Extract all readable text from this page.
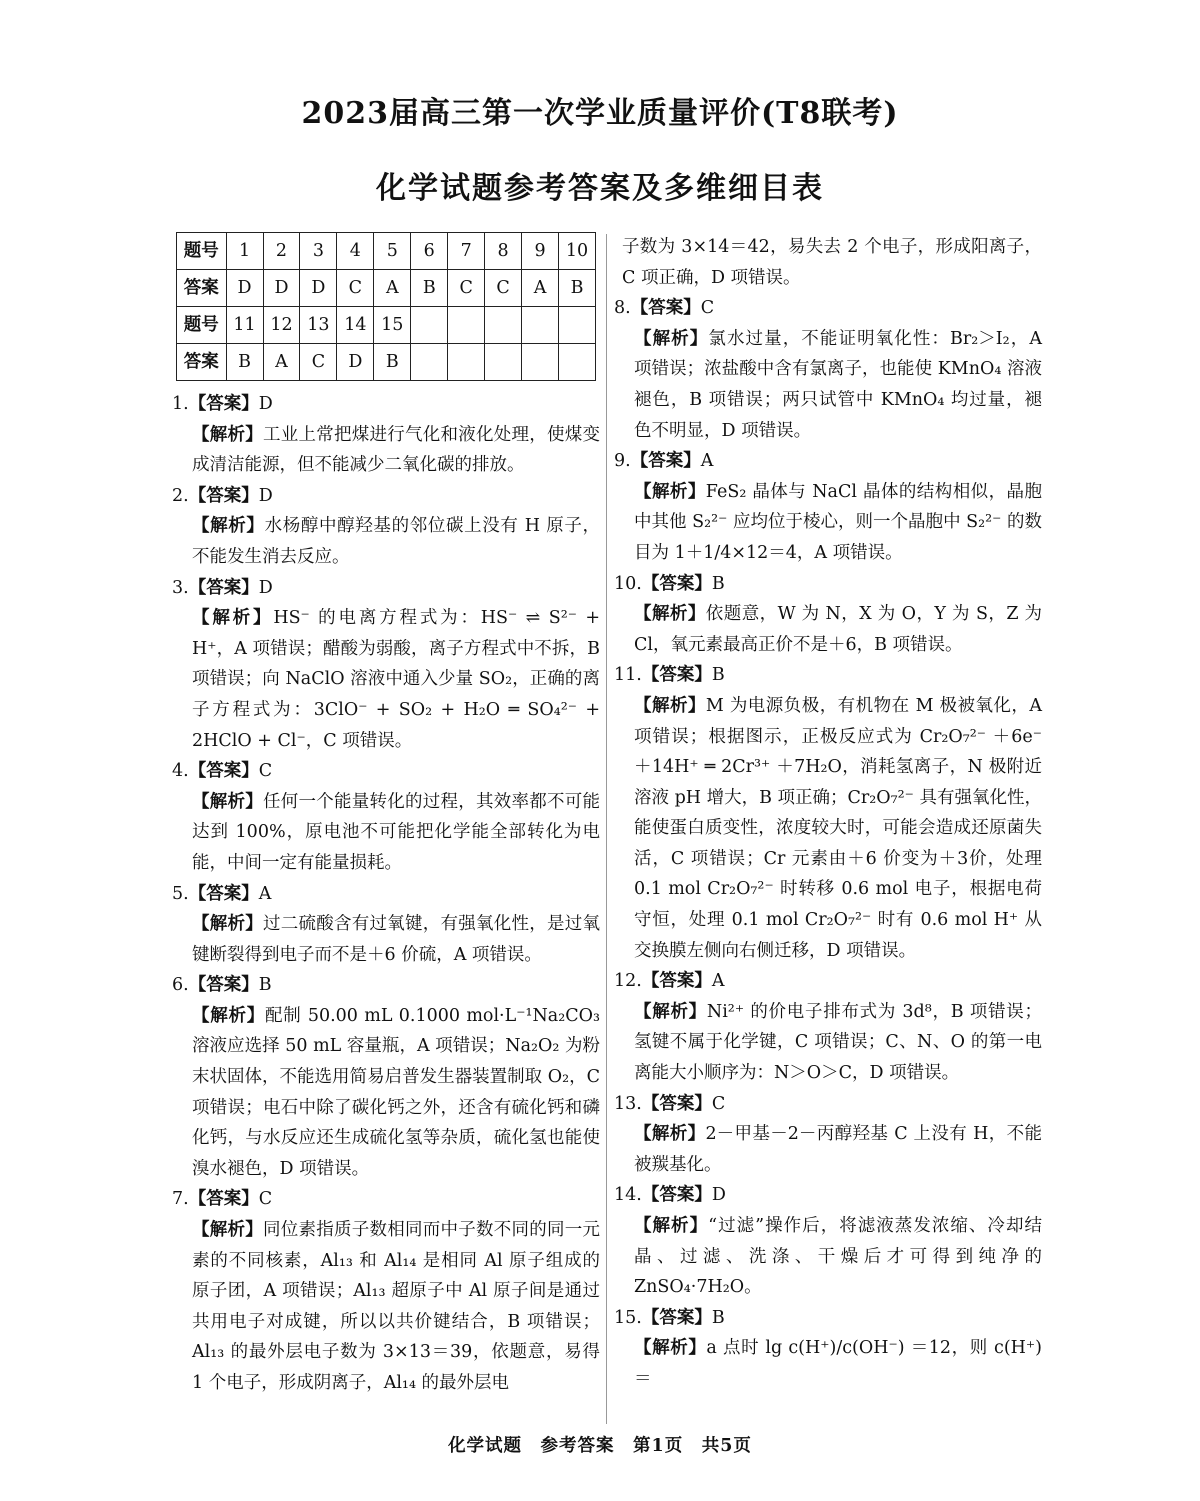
2023届高三第一次学业质量评价(T8联考)
化学试题参考答案及多维细目表
题号	1	2	3	4	5	6	7	8	9	10
答案	D	D	D	C	A	B	C	C	A	B
题号	11	12	13	14	15					
答案	B	A	C	D	B					
1.【答案】D
【解析】工业上常把煤进行气化和液化处理，使煤变成清洁能源，但不能减少二氧化碳的排放。
2.【答案】D
【解析】水杨醇中醇羟基的邻位碳上没有 H 原子，不能发生消去反应。
3.【答案】D
【解析】HS⁻ 的电离方程式为：HS⁻ ⇌ S²⁻ + H⁺，A 项错误；醋酸为弱酸，离子方程式中不拆，B 项错误；向 NaClO 溶液中通入少量 SO₂，正确的离子方程式为：3ClO⁻ + SO₂ + H₂O ═ SO₄²⁻ + 2HClO + Cl⁻，C 项错误。
4.【答案】C
【解析】任何一个能量转化的过程，其效率都不可能达到 100%，原电池不可能把化学能全部转化为电能，中间一定有能量损耗。
5.【答案】A
【解析】过二硫酸含有过氧键，有强氧化性，是过氧键断裂得到电子而不是＋6 价硫，A 项错误。
6.【答案】B
【解析】配制 50.00 mL 0.1000 mol·L⁻¹Na₂CO₃ 溶液应选择 50 mL 容量瓶，A 项错误；Na₂O₂ 为粉末状固体，不能选用简易启普发生器装置制取 O₂，C 项错误；电石中除了碳化钙之外，还含有硫化钙和磷化钙，与水反应还生成硫化氢等杂质，硫化氢也能使溴水褪色，D 项错误。
7.【答案】C
【解析】同位素指质子数相同而中子数不同的同一元素的不同核素，Al₁₃ 和 Al₁₄ 是相同 Al 原子组成的原子团，A 项错误；Al₁₃ 超原子中 Al 原子间是通过共用电子对成键，所以以共价键结合，B 项错误；Al₁₃ 的最外层电子数为 3×13＝39，依题意，易得 1 个电子，形成阴离子，Al₁₄ 的最外层电
子数为 3×14＝42，易失去 2 个电子，形成阳离子，C 项正确，D 项错误。
8.【答案】C
【解析】氯水过量，不能证明氧化性：Br₂＞I₂，A 项错误；浓盐酸中含有氯离子，也能使 KMnO₄ 溶液褪色，B 项错误；两只试管中 KMnO₄ 均过量，褪色不明显，D 项错误。
9.【答案】A
【解析】FeS₂ 晶体与 NaCl 晶体的结构相似，晶胞中其他 S₂²⁻ 应均位于棱心，则一个晶胞中 S₂²⁻ 的数目为 1＋1/4×12＝4，A 项错误。
10.【答案】B
【解析】依题意，W 为 N，X 为 O，Y 为 S，Z 为 Cl，氧元素最高正价不是＋6，B 项错误。
11.【答案】B
【解析】M 为电源负极，有机物在 M 极被氧化，A 项错误；根据图示，正极反应式为 Cr₂O₇²⁻ ＋6e⁻ ＋14H⁺ ═ 2Cr³⁺ ＋7H₂O，消耗氢离子，N 极附近溶液 pH 增大，B 项正确；Cr₂O₇²⁻ 具有强氧化性，能使蛋白质变性，浓度较大时，可能会造成还原菌失活，C 项错误；Cr 元素由＋6 价变为＋3价，处理 0.1 mol Cr₂O₇²⁻ 时转移 0.6 mol 电子，根据电荷守恒，处理 0.1 mol Cr₂O₇²⁻ 时有 0.6 mol H⁺ 从交换膜左侧向右侧迁移，D 项错误。
12.【答案】A
【解析】Ni²⁺ 的价电子排布式为 3d⁸，B 项错误；氢键不属于化学键，C 项错误；C、N、O 的第一电离能大小顺序为：N＞O＞C，D 项错误。
13.【答案】C
【解析】2－甲基－2－丙醇羟基 C 上没有 H，不能被羰基化。
14.【答案】D
【解析】“过滤”操作后，将滤液蒸发浓缩、冷却结晶、过滤、洗涤、干燥后才可得到纯净的 ZnSO₄·7H₂O。
15.【答案】B
【解析】a 点时 lg c(H⁺)/c(OH⁻) ＝12，则 c(H⁺)＝
化学试题　参考答案　第1页　共5页
